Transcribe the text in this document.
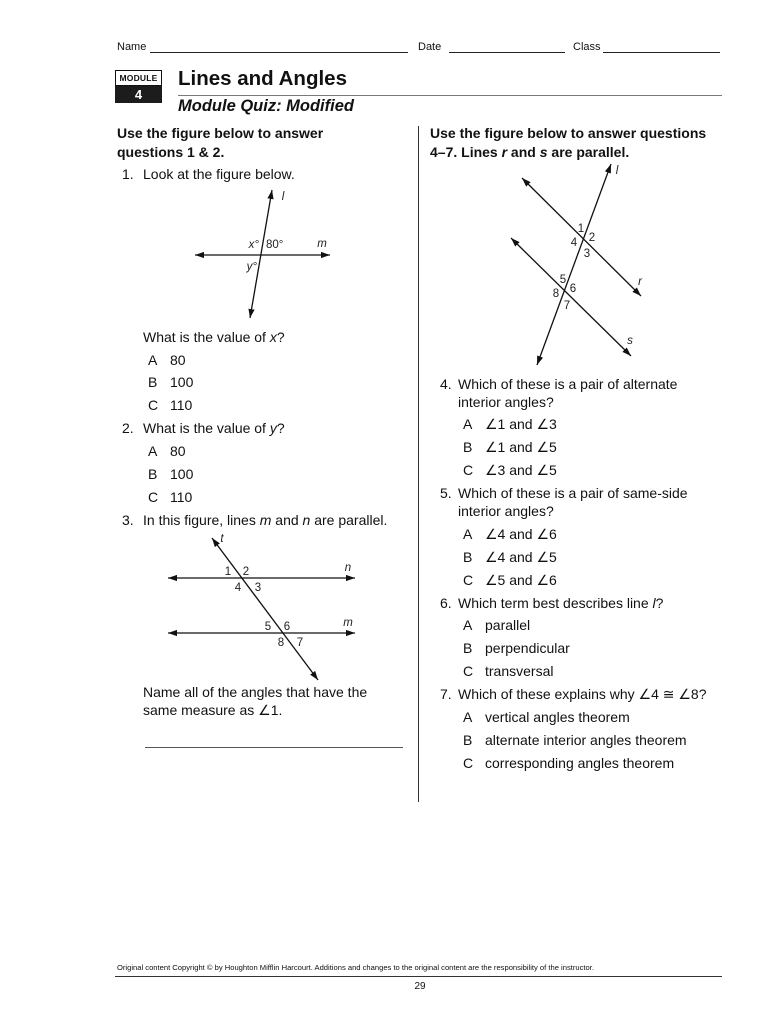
Name	Date	Class
MODULE
4
Lines and Angles
Module Quiz: Modified
Use the figure below to answer
questions 1 & 2.
1. Look at the figure below.
l
m
x° 80°
y°
What is the value of x?
A 80
B 100
C 110
2. What is the value of y?
A 80
B 100
C 110
3. In this figure, lines m and n are parallel.
t
n
m
1 2
3
4
5 6
7
8
Name all of the angles that have the
same measure as ∠1.
Use the figure below to answer questions
4–7. Lines r and s are parallel.
l
r
s
1
2
3
4
5
6
7
8
4. Which of these is a pair of alternate
interior angles?
A ∠1 and ∠3
B ∠1 and ∠5
C ∠3 and ∠5
5. Which of these is a pair of same-side
interior angles?
A ∠4 and ∠6
B ∠4 and ∠5
C ∠5 and ∠6
6. Which term best describes line l?
A parallel
B perpendicular
C transversal
7. Which of these explains why ∠4 ≅ ∠8?
A vertical angles theorem
B alternate interior angles theorem
C corresponding angles theorem
Original content Copyright © by Houghton Mifflin Harcourt. Additions and changes to the original content are the responsibility of the instructor.
29
